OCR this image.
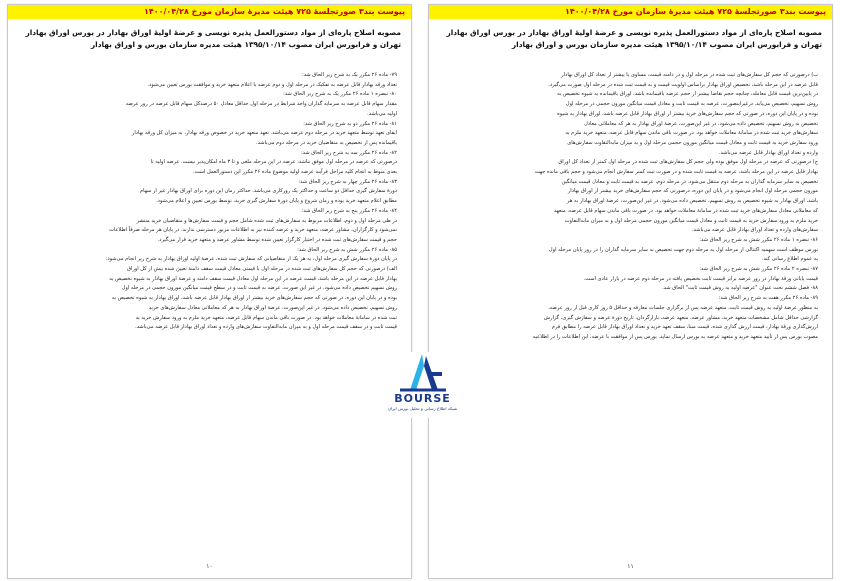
پیوست بند۳ صورتجلسهٔ ۷۲۵ هیئت مدیرهٔ سازمان مورخ ۱۴۰۰/۰۴/۲۸
مصوبه اصلاح پاره‌ای از مواد دستورالعمل پذیره نویسی و عرضهٔ اولیهٔ اوراق بهادار در بورس اوراق بهادار
تهران و فرابورس ایران مصوب ۱۳۹۵/۱۰/۱۴ هیئت مدیره سازمان بورس و اوراق بهادار
۷۹- ماده ۲۶ مکرر یک به شرح زیر الحاق شد:
تعداد ورقه بهادار قابل عرضه به تفکیک در مرحله اول و دوم عرضه با اعلام متعهد خرید و موافقت بورس تعیین می‌شود.
۸۰- تبصره ۱ ماده ۲۶ مکرر یک به شرح زیر الحاق شد:
مقدار سهام قابل عرضه به سرمایه گذاران واجد شرایط در مرحله اول حداقل معادل ۵۰ درصدکل سهام قابل عرضه در روز عرضه
اولیه می‌باشد.
۸۱- ماده ۲۶ مکرر دو به شرح زیر الحاق شد:
ایفای تعهد توسط متعهد خرید در مرحله دوم عرضه می‌باشد. تعهد متعهد خرید در خصوص ورقه بهادار، به میزان کل ورقه بهادار
باقیمانده پس از تخصیص به متقاضیان خرید در مرحله دوم می‌باشد.
۸۲- ماده ۲۶ مکرر سه به شرح زیر الحاق شد:
درصورتی که عرضه در مرحله اول موفق نباشد، عرضه در این مرحله ملغی و تا ۳ ماه امکان‌پذیر نیست. عرضه اولیه تا
بعدی منوط به انجام کلیه مراحل فرآیند عرضه اولیه موضوع ماده ۲۶ مکرر این دستورالعمل است.
۸۳- ماده ۲۶ مکرر چهار به شرح زیر الحاق شد:
دورهٔ سفارش گیری حداقل دو ساعت و حداکثر یک روزکاری می‌باشد. حداکثر زمان این دوره برای اوراق بهادار غیر از سهام
مطابق اعلام متعهد خرید بوده و زمان شروع و پایان دورهٔ سفارش گیری خرید، توسط بورس تعیین و اعلام می‌شود.
۸۴- ماده ۲۶ مکرر پنج به شرح زیر الحاق شد:
در طی مرحله اول و دوم، اطلاعات مربوط به سفارش‌های ثبت شده شامل حجم و قیمت سفارش‌ها و متقاضیان خرید منتشر
نمی‌شود و کارگزاران، مشاور عرضه، متعهد خرید و عرضه کننده نیز به اطلاعات مزبور دسترسی ندارند. در پایان هر مرحله صرفاً اطلاعات
حجم و قیمت سفارش‌های ثبت شده در اختیار کارگزار تعیین شده توسط مشاور عرضه و متعهد خرید قرار می‌گیرد.
۸۵- ماده ۲۶ مکرر شش به شرح زیر الحاق شد:
در پایان دورهٔ سفارش گیری مرحله اول، به هر یک از متقاضیانی که سفارش ثبت شده، عرضهٔ اولیه اوراق بهادار به شرح زیر انجام می‌شود:
الف) درصورتی که حجم کل سفارش‌های ثبت شده در مرحله اول با قیمتی معادل قیمت سقف دامنهٔ تعیین شده بیش از کل اوراق
بهادار قابل عرضه در این مرحله باشد، قیمت عرضه در این مرحله اول معادل قیمت سقف دامنه و عرضهٔ اوراق بهادار به شیوه تخصیص به
روش تسهیم تخصیص داده می‌شود. در غیر این صورت، عرضه به قیمت ثابت و در سطح قیمت میانگین موزون حجمی در مرحله اول
بوده و در پایان این دوره، در صورتی که حجم سفارش‌های خرید بیشتر از اوراق بهادار قابل عرضه باشد، اوراق بهادار به شیوه تخصیص به
روش تسهیم، تخصیص داده می‌شود. در غیر این‌صورت، عرضهٔ اوراق بهادار به هر که معاملاتی معادل سفارش‌های خرید
ثبت شده در سامانهٔ معاملات خواهد بود. در صورت باقی ماندن سهام قابل عرضه، متعهد خرید ملزم به ورود سفارش خرید به
قیمت ثابت و در سقف قیمت مرحله اول و به میزان مابه‌التفاوت سفارش‌های وارده و تعداد اوراق بهادار قابل عرضه می‌باشد.
۱۰
پیوست بند۳ صورتجلسهٔ ۷۲۵ هیئت مدیرهٔ سازمان مورخ ۱۴۰۰/۰۴/۲۸
مصوبه اصلاح پاره‌ای از مواد دستورالعمل پذیره نویسی و عرضهٔ اولیهٔ اوراق بهادار در بورس اوراق بهادار
تهران و فرابورس ایران مصوب ۱۳۹۵/۱۰/۱۴ هیئت مدیره سازمان بورس و اوراق بهادار
ب) درصورتی که حجم کل سفارش‌های ثبت شده در مرحله اول و در دامنه قیمت، مساوی یا بیشتر از تعداد کل اوراق بهادار
قابل عرضه در این مرحله باشد، تخصیص اوراق بهادار براساس اولویت قیمت و به قیمت ثبت شده در مرحله اول صورت می‌گیرد.
در پایین‌ترین قیمت قابل معامله، چنانچه حجم تقاضا بیشتر از حجم عرضه باقیمانده باشد، اوراق باقیمانده به شیوه تخصیص به
روش تسهیم، تخصیص می‌یابد. درغیراینصورت، عرضه به قیمت ثابت و معادل قیمت میانگین موزون حجمی در مرحله اول
بوده و در پایان این دوره، در صورتی که حجم سفارش‌های خرید بیشتر از اوراق بهادار قابل عرضه باشد، اوراق بهادار به شیوه
تخصیص به روش تسهیم، تخصیص داده می‌شود. در غیر این‌صورت، عرضهٔ اوراق بهادار به هر که معاملاتی معادل
سفارش‌های خرید ثبت شده در سامانهٔ معاملات خواهد بود. در صورت باقی ماندن سهام قابل عرضه، متعهد خرید ملزم به
ورود سفارش خرید به قیمت ثابت و معادل قیمت میانگین موزون حجمی مرحله اول و به میزان مابه‌التفاوت سفارش‌های
وارده و تعداد اوراق بهادار قابل عرضه می‌باشد.
ج) درصورتی که عرضه در مرحله اول موفق بوده ولی حجم کل سفارش‌های ثبت شده در مرحله اول کمتر از تعداد کل اوراق
بهادار قابل عرضه در این مرحله باشد، عرضه به قیمت ثابت شده و در صورت ثبت کمتر سفارش انجام می‌شود و حجم باقی مانده جهت
تخصیص به سایر سرمایه گذاران به مرحله دوم منتقل می‌شود. در مرحله دوم، عرضه به قیمت ثابت و معادل قیمت میانگین
موزون حجمی مرحله اول انجام می‌شود و در پایان این دوره، درصورتی که حجم سفارش‌های خرید بیشتر از اوراق بهادار
باشد، اوراق بهادار به شیوه تخصیص به روش تسهیم، تخصیص داده می‌شود. در غیر این‌صورت، عرضهٔ اوراق بهادار به هر
که معاملاتی معادل سفارش‌های خرید ثبت شده در سامانهٔ معاملات خواهد بود. در صورت باقی ماندن سهام قابل عرضه، متعهد
خرید ملزم به ورود سفارش خرید به قیمت ثابت و معادل قیمت میانگین موزون حجمی مرحله اول و به میزان مابه‌التفاوت
سفارش‌های وارده و تعداد اوراق بهادار قابل عرضه می‌باشد.
۸۶- تبصره ۱ ماده ۲۶ مکرر شش به شرح زیر الحاق شد:
بورس موظف است سهمیه اکتتالی از مرحله اول به مرحله دوم جهت تخصیص به سایر سرمایه گذاران را در روز پایان مرحله اول
به عموم اطلاع رسانی کند.
۸۷- تبصره ۲ ماده ۲۶ مکرر شش به شرح زیر الحاق شد:
قیمت پایانی ورقهٔ بهادار در روز عرضه برابر قیمت ثابت تخصیص یافته در مرحله دوم عرضه در بازار عادی است.
۸۸- فصل ششم تحت عنوان "عرضه اولیه به روش قیمت ثابت" الحاق شد.
۸۹- ماده ۲۶ مکرر هفت به شرح زیر الحاق شد:
به منظور عرضهٔ اولیه به روش قیمت ثابت، متعهد عرضه پس از برگزاری جلسات معارفه و حداقل ۵ روز کاری قبل از روز عرضه،
گزارشی حداقل شامل مشخصات متعهد خرید، مشاور عرضه، متعهد عرضه، بازارگردان، تاریخ دورهٔ عرضه و سفارش گیری، گزارش
ارزش‌گذاری ورقهٔ بهادار، قیمت ارزش گذاری شده، قیمت مبنا، سقف تعهد خرید و تعداد اوراق بهادار قابل عرضه را مطابق فرم
مصوب بورس پس از تأیید متعهد خرید و متعهد عرضه به بورس ارسال نماید. بورس پس از موافقت با عرضه، این اطلاعات را در اطلاعیه
۱۱
BOURSE
شبکه اطلاع رسانی و تحلیل بورس ایران
